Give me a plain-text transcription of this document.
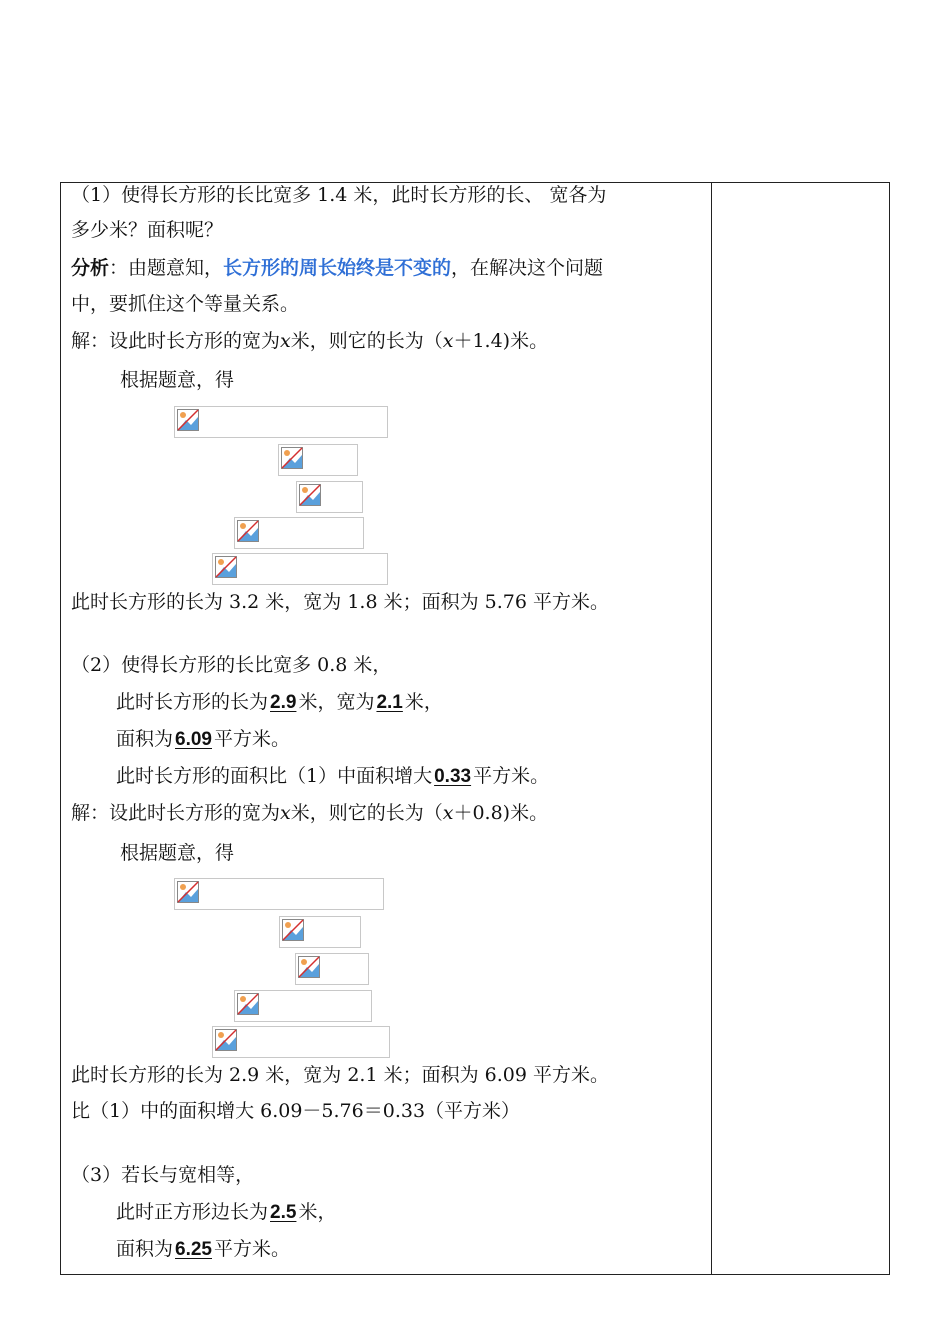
（1）使得长方形的长比宽多 1.4 米，此时长方形的长、 宽各为
多少米？面积呢？
分析：由题意知，长方形的周长始终是不变的，在解决这个问题
中，要抓住这个等量关系。
解：设此时长方形的宽为x米，则它的长为（x＋1.4)米。
根据题意，得
此时长方形的长为 3.2 米，宽为 1.8 米；面积为 5.76 平方米。
（2）使得长方形的长比宽多 0.8 米，
此时长方形的长为 2.9 米，宽为 2.1 米，
面积为 6.09 平方米。
此时长方形的面积比（1）中面积增大 0.33 平方米。
解：设此时长方形的宽为x米，则它的长为（x＋0.8)米。
根据题意，得
此时长方形的长为 2.9 米，宽为 2.1 米；面积为 6.09 平方米。
比（1）中的面积增大 6.09－5.76＝0.33（平方米）
（3）若长与宽相等，
此时正方形边长为 2.5 米，
面积为 6.25 平方米。
